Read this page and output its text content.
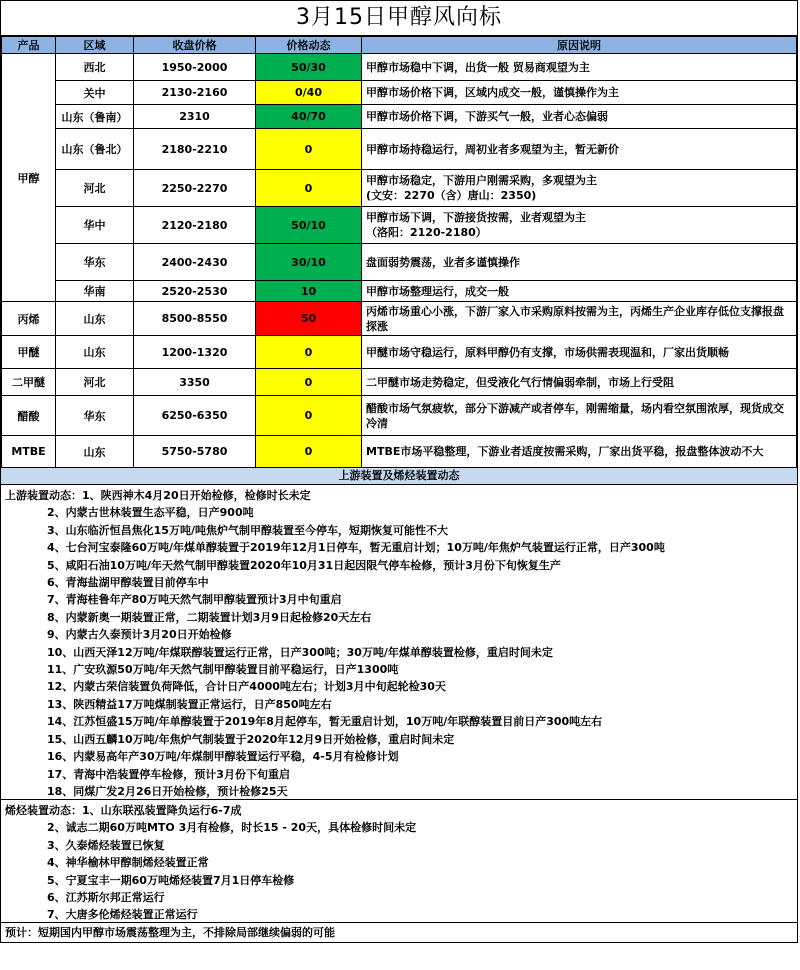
3月15日甲醇风向标
产品	区域	收盘价格	价格动态	原因说明
甲醇	西北	1950-2000	50/30	甲醇市场稳中下调，出货一般 贸易商观望为主

	关中	2130-2160	0/40	甲醇市场价格下调，区域内成交一般，谨慎操作为主

	山东（鲁南）	2310	40/70	甲醇市场价格下调，下游买气一般，业者心态偏弱

	山东（鲁北）	2180-2210	0	甲醇市场持稳运行，周初业者多观望为主，暂无新价

	河北	2250-2270	0	甲醇市场稳定，下游用户刚需采购，多观望为主
(文安：2270（含）唐山：2350)

	华中	2120-2180	50/10	甲醇市场下调，下游接货按需，业者观望为主
（洛阳：2120-2180）

	华东	2400-2430	30/10	盘面弱势震荡，业者多谨慎操作

	华南	2520-2530	10	甲醇市场整理运行，成交一般

丙烯	山东	8500-8550	50	丙烯市场重心小涨，下游厂家入市采购原料按需为主，丙烯生产企业库存低位支撑报盘探涨

甲醚	山东	1200-1320	0	甲醚市场守稳运行，原料甲醇仍有支撑，市场供需表现温和，厂家出货顺畅

二甲醚	河北	3350	0	二甲醚市场走势稳定，但受液化气行情偏弱牵制，市场上行受阻

醋酸	华东	6250-6350	0	醋酸市场气氛疲软，部分下游减产或者停车，刚需缩量，场内看空氛围浓厚，现货成交冷清

MTBE	山东	5750-5780	0	MTBE市场平稳整理，下游业者适度按需采购，厂家出货平稳，报盘整体波动不大
上游装置及烯烃装置动态
上游装置动态：1、陕西神木4月20日开始检修，检修时长未定
2、内蒙古世林装置生态平稳，日产900吨
3、山东临沂恒昌焦化15万吨/吨焦炉气制甲醇装置至今停车，短期恢复可能性不大
4、七台河宝泰隆60万吨/年煤单醇装置于2019年12月1日停车，暂无重启计划；10万吨/年焦炉气装置运行正常，日产300吨
5、咸阳石油10万吨/年天然气制甲醇装置2020年10月31日起因限气停车检修，预计3月份下旬恢复生产
6、青海盐湖甲醇装置目前停车中
7、青海桂鲁年产80万吨天然气制甲醇装置预计3月中旬重启
8、内蒙新奥一期装置正常，二期装置计划3月9日起检修20天左右
9、内蒙古久泰预计3月20日开始检修
10、山西天泽12万吨/年煤联醇装置运行正常，日产300吨；30万吨/年煤单醇装置检修，重启时间未定
11、广安玖源50万吨/年天然气制甲醇装置目前平稳运行，日产1300吨
12、内蒙古荣信装置负荷降低，合计日产4000吨左右；计划3月中旬起轮检30天
13、陕西精益17万吨煤制装置正常运行，日产850吨左右
14、江苏恒盛15万吨/年单醇装置于2019年8月起停车，暂无重启计划，10万吨/年联醇装置目前日产300吨左右
15、山西五麟10万吨/年焦炉气制装置于2020年12月9日开始检修，重启时间未定
16、内蒙易高年产30万吨/年煤制甲醇装置运行平稳，4-5月有检修计划
17、青海中浩装置停车检修，预计3月份下旬重启
18、同煤广发2月26日开始检修，预计检修25天
烯烃装置动态：1、山东联泓装置降负运行6-7成
2、诚志二期60万吨MTO 3月有检修，时长15 - 20天，具体检修时间未定
3、久泰烯烃装置已恢复
4、神华榆林甲醇制烯烃装置正常
5、宁夏宝丰一期60万吨烯烃装置7月1日停车检修
6、江苏斯尔邦正常运行
7、大唐多伦烯烃装置正常运行
预计：短期国内甲醇市场震荡整理为主，不排除局部继续偏弱的可能
